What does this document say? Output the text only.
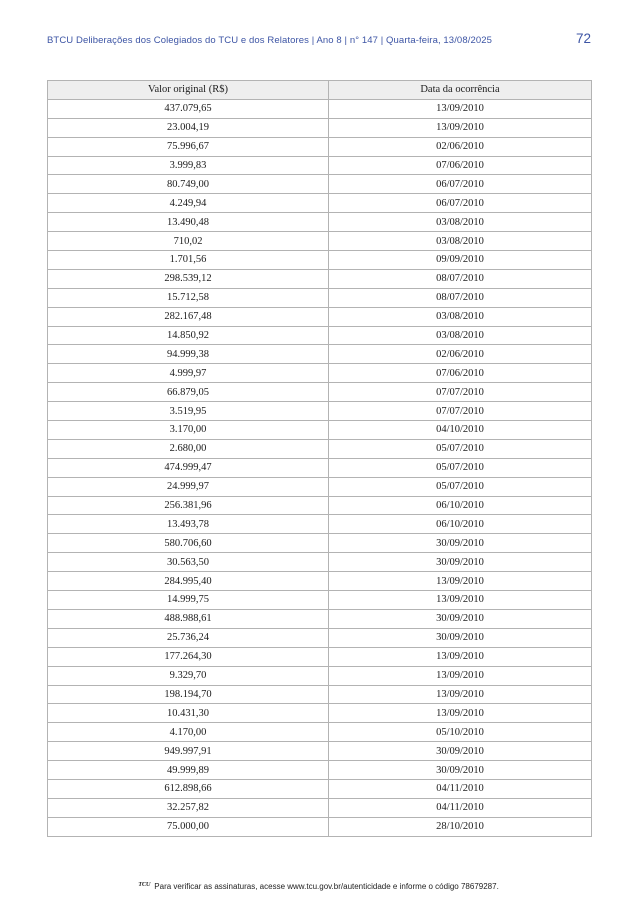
BTCU Deliberações dos Colegiados do TCU e dos Relatores | Ano 8 | n° 147 | Quarta-feira, 13/08/2025	72
Valor original (R$)	Data da ocorrência
437.079,65	13/09/2010
23.004,19	13/09/2010
75.996,67	02/06/2010
3.999,83	07/06/2010
80.749,00	06/07/2010
4.249,94	06/07/2010
13.490,48	03/08/2010
710,02	03/08/2010
1.701,56	09/09/2010
298.539,12	08/07/2010
15.712,58	08/07/2010
282.167,48	03/08/2010
14.850,92	03/08/2010
94.999,38	02/06/2010
4.999,97	07/06/2010
66.879,05	07/07/2010
3.519,95	07/07/2010
3.170,00	04/10/2010
2.680,00	05/07/2010
474.999,47	05/07/2010
24.999,97	05/07/2010
256.381,96	06/10/2010
13.493,78	06/10/2010
580.706,60	30/09/2010
30.563,50	30/09/2010
284.995,40	13/09/2010
14.999,75	13/09/2010
488.988,61	30/09/2010
25.736,24	30/09/2010
177.264,30	13/09/2010
9.329,70	13/09/2010
198.194,70	13/09/2010
10.431,30	13/09/2010
4.170,00	05/10/2010
949.997,91	30/09/2010
49.999,89	30/09/2010
612.898,66	04/11/2010
32.257,82	04/11/2010
75.000,00	28/10/2010
TCU Para verificar as assinaturas, acesse www.tcu.gov.br/autenticidade e informe o código 78679287.
